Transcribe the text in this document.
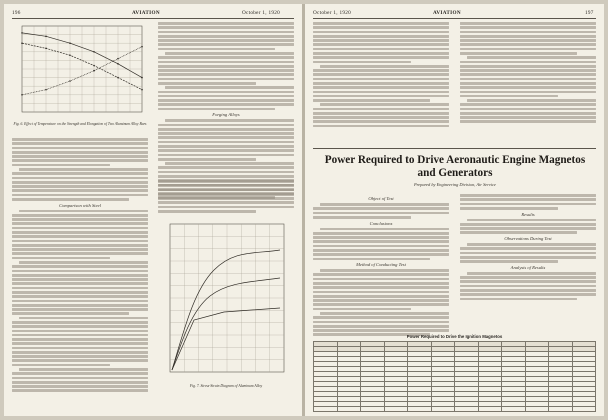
196	AVIATION	October 1, 1920
Fig. 6. Effect of Temperature on the Strength and Elongation of Two Aluminum Alloy Bars
Comparison with Steel
Forging Alloys
Fig. 7. Stress-Strain Diagram of Aluminum Alloy
October 1, 1920	AVIATION	197
Power Required to Drive Aeronautic Engine Magnetos and Generators
Prepared by Engineering Division, Air Service
Object of Test
Conclusions
Method of Conducting Test
Results
Observations During Test
Analysis of Results
Power Required to Drive the Ignition Magnetos
